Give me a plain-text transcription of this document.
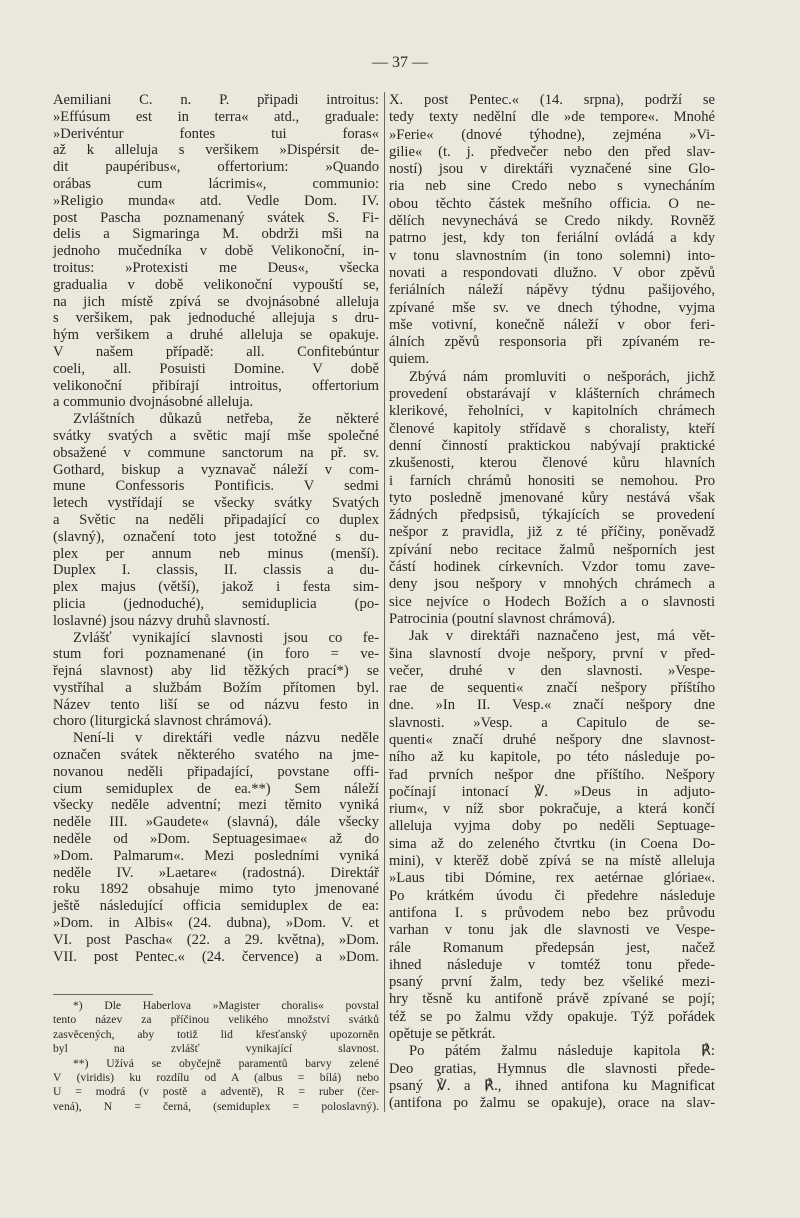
— 37 —
Aemiliani C. n. P. připadi introitus:
»Effúsum est in terra« atd., graduale:
»Derivéntur fontes tui foras«
až k alleluja s veršikem »Dispérsit de-
dit paupéribus«, offertorium: »Quando
orábas cum lácrimis«, communio:
»Religio munda« atd. Vedle Dom. IV.
post Pascha poznamenaný svátek S. Fi-
delis a Sigmaringa M. obdrži mši na
jednoho mučedníka v době Velikonoční, in-
troitus: »Protexisti me Deus«, všecka
gradualia v době velikonoční vypouští se,
na jich místě zpívá se dvojnásobné alleluja
s veršikem, pak jednoduché allejuja s dru-
hým veršikem a druhé alleluja se opakuje.
V našem případě: all. Confitebúntur
coeli, all. Posuisti Domine. V době
velikonoční přibírají introitus, offertorium
a communio dvojnásobné alleluja.
Zvláštních důkazů netřeba, že některé
svátky svatých a světic mají mše společné
obsažené v commune sanctorum na př. sv.
Gothard, biskup a vyznavač náleží v com-
mune Confessoris Pontificis. V sedmi
letech vystřídají se všecky svátky Svatých
a Světic na neděli připadající co duplex
(slavný), označení toto jest totožné s du-
plex per annum neb minus (menší).
Duplex I. classis, II. classis a du-
plex majus (větší), jakož i festa sim-
plicia (jednoduché), semiduplicia (po-
loslavné) jsou názvy druhů slavností.
Zvlášť vynikající slavnosti jsou co fe-
stum fori poznamenané (in foro = ve-
řejná slavnost) aby lid těžkých prací*) se
vystříhal a službám Božím přítomen byl.
Název tento liší se od názvu festo in
choro (liturgická slavnost chrámová).
Není-li v direktáři vedle názvu neděle
označen svátek některého svatého na jme-
novanou neděli připadající, povstane offi-
cium semiduplex de ea.**) Sem náleží
všecky neděle adventní; mezi těmito vyniká
neděle III. »Gaudete« (slavná), dále všecky
neděle od »Dom. Septuagesimae« až do
»Dom. Palmarum«. Mezi posledními vyniká
neděle IV. »Laetare« (radostná). Direktář
roku 1892 obsahuje mimo tyto jmenované
ještě následující officia semiduplex de ea:
»Dom. in Albis« (24. dubna), »Dom. V. et
VI. post Pascha« (22. a 29. května), »Dom.
VII. post Pentec.« (24. července) a »Dom.
X. post Pentec.« (14. srpna), podrží se
tedy texty nedělní dle »de tempore«. Mnohé
»Ferie« (dnové týhodne), zejména »Vi-
gilie« (t. j. předvečer nebo den před slav-
ností) jsou v direktáři vyznačené sine Glo-
ria neb sine Credo nebo s vynecháním
obou těchto částek mešního officia. O ne-
dělích nevynechává se Credo nikdy. Rovněž
patrno jest, kdy ton feriální ovládá a kdy
v tonu slavnostním (in tono solemni) into-
novati a respondovati dlužno. V obor zpěvů
feriálních náleží nápěvy týdnu pašijového,
zpívané mše sv. ve dnech týhodne, vyjma
mše votivní, konečně náleží v obor feri-
álních zpěvů responsoria při zpívaném re-
quiem.
Zbývá nám promluviti o nešporách, jichž
provedení obstarávají v klášterních chrámech
klerikové, řeholníci, v kapitolních chrámech
členové kapitoly střídavě s choralisty, kteří
denní činností praktickou nabývají praktické
zkušenosti, kterou členové kůru hlavních
i farních chrámů honositi se nemohou. Pro
tyto posledně jmenované kůry nestává však
žádných předpsisů, týkajících se provedení
nešpor z pravidla, již z té příčiny, poněvadž
zpívání nebo recitace žalmů nešporních jest
částí hodinek církevních. Vzdor tomu zave-
deny jsou nešpory v mnohých chrámech a
sice nejvíce o Hodech Božích a o slavnosti
Patrocinia (poutní slavnost chrámová).
Jak v direktáři naznačeno jest, má vět-
šina slavností dvoje nešpory, první v před-
večer, druhé v den slavnosti. »Vespe-
rae de sequenti« značí nešpory příštího
dne. »In II. Vesp.« značí nešpory dne
slavnosti. »Vesp. a Capitulo de se-
quenti« značí druhé nešpory dne slavnost-
ního až ku kapitole, po této následuje po-
řad prvních nešpor dne příštího. Nešpory
počínají intonací ℣. »Deus in adjuto-
rium«, v níž sbor pokračuje, a která končí
alleluja vyjma doby po neděli Septuage-
sima až do zeleného čtvrtku (in Coena Do-
mini), v kterěž době zpívá se na místě alleluja
»Laus tibi Dómine, rex aetérnae glóriae«.
Po krátkém úvodu či předehre následuje
antifona I. s průvodem nebo bez průvodu
varhan v tonu jak dle slavnosti ve Vespe-
rále Romanum předepsán jest, načež
ihned následuje v tomtéž tonu přede-
psaný první žalm, tedy bez všeliké mezi-
hry těsně ku antifoně právě zpívané se pojí;
též se po žalmu vždy opakuje. Týž pořádek
opětuje se pětkrát.
Po pátém žalmu následuje kapitola ℟:
Deo gratias, Hymnus dle slavnosti přede-
psaný ℣. a ℟., ihned antifona ku Magnificat
(antifona po žalmu se opakuje), orace na slav-
*) Dle Haberlova »Magister choralis« povstal
tento název za příčinou velikého množství svátků
zasvěcených, aby totiž lid křesťanský upozorněn
byl na zvlášť vynikající slavnost.
**) Užívá se obyčejně paramentů barvy zelené
V (viridis) ku rozdílu od A (albus = bílá) nebo
U = modrá (v postě a adventě), R = ruber (čer-
vená), N = černá, (semiduplex = poloslavný).
